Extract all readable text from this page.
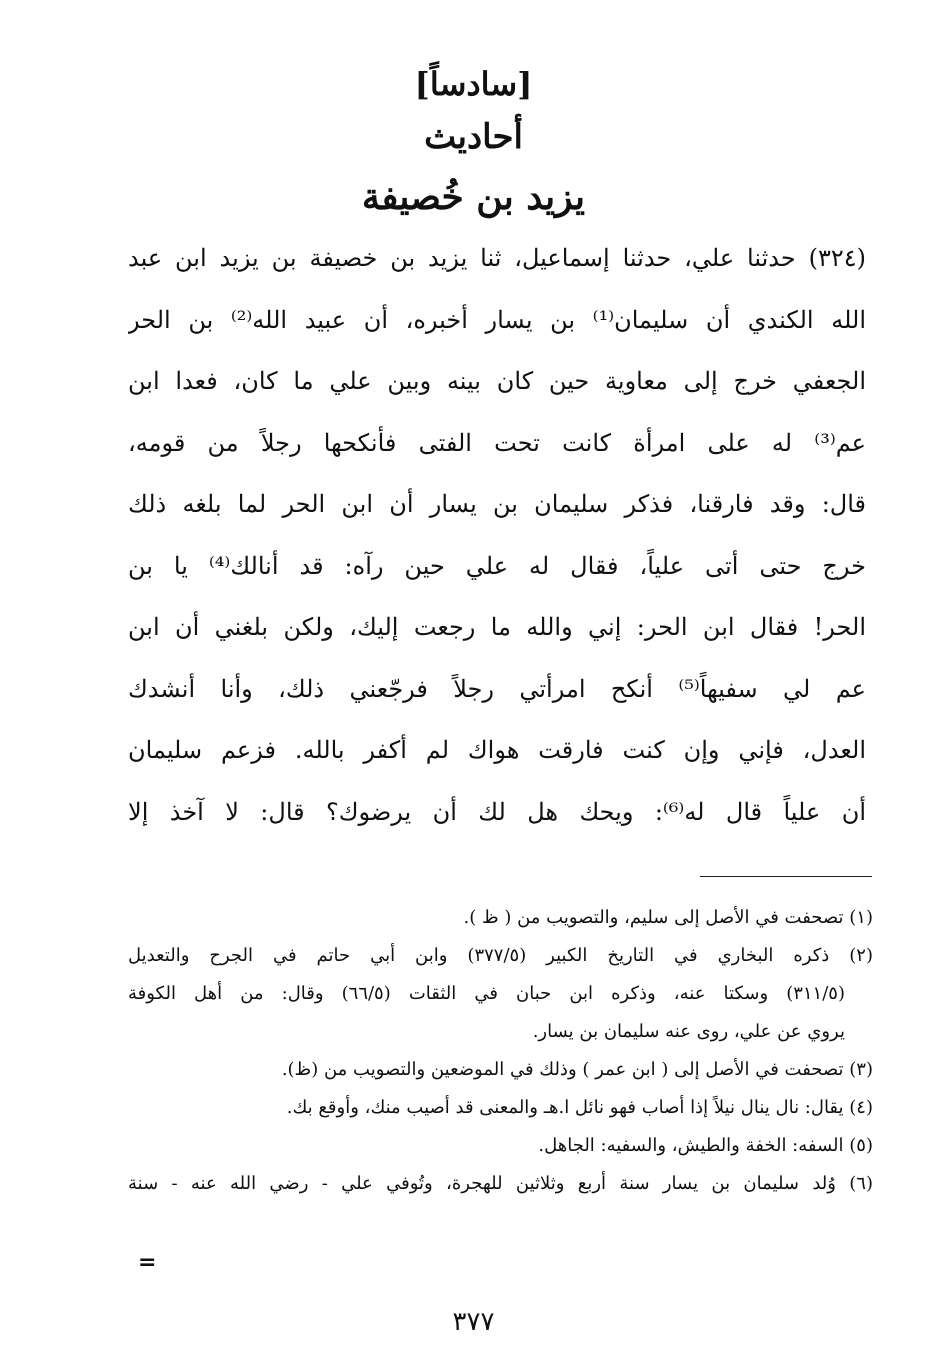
[سادساً]
أحاديث
يزيد بن خُصيفة
(٣٢٤) حدثنا علي، حدثنا إسماعيل، ثنا يزيد بن خصيفة بن يزيد ابن عبد
الله الكندي أن سليمان⁽¹⁾ بن يسار أخبره، أن عبيد الله⁽²⁾ بن الحر
الجعفي خرج إلى معاوية حين كان بينه وبين علي ما كان، فعدا ابن
عم⁽³⁾ له على امرأة كانت تحت الفتى فأنكحها رجلاً من قومه،
قال: وقد فارقنا، فذكر سليمان بن يسار أن ابن الحر لما بلغه ذلك
خرج حتى أتى علياً، فقال له علي حين رآه: قد أنالك⁽⁴⁾ يا بن
الحر! فقال ابن الحر: إني والله ما رجعت إليك، ولكن بلغني أن ابن
عم لي سفيهاً⁽⁵⁾ أنكح امرأتي رجلاً فرجّعني ذلك، وأنا أنشدك
العدل، فإني وإن كنت فارقت هواك لم أكفر بالله. فزعم سليمان
أن علياً قال له⁽⁶⁾: ويحك هل لك أن يرضوك؟ قال: لا آخذ إلا
(١) تصحفت في الأصل إلى سليم، والتصويب من ( ظ ).
(٢) ذكره البخاري في التاريخ الكبير (٣٧٧/٥) وابن أبي حاتم في الجرح والتعديل
(٣١١/٥) وسكتا عنه، وذكره ابن حبان في الثقات (٦٦/٥) وقال: من أهل الكوفة
يروي عن علي، روى عنه سليمان بن يسار.
(٣) تصحفت في الأصل إلى ( ابن عمر ) وذلك في الموضعين والتصويب من (ظ).
(٤) يقال: نال ينال نيلاً إذا أصاب فهو نائل ا.هـ والمعنى قد أصيب منك، وأوقع بك.
(٥) السفه: الخفة والطيش، والسفيه: الجاهل.
(٦) وُلد سليمان بن يسار سنة أربع وثلاثين للهجرة، وتُوفي علي - رضي الله عنه - سنة
=
٣٧٧
